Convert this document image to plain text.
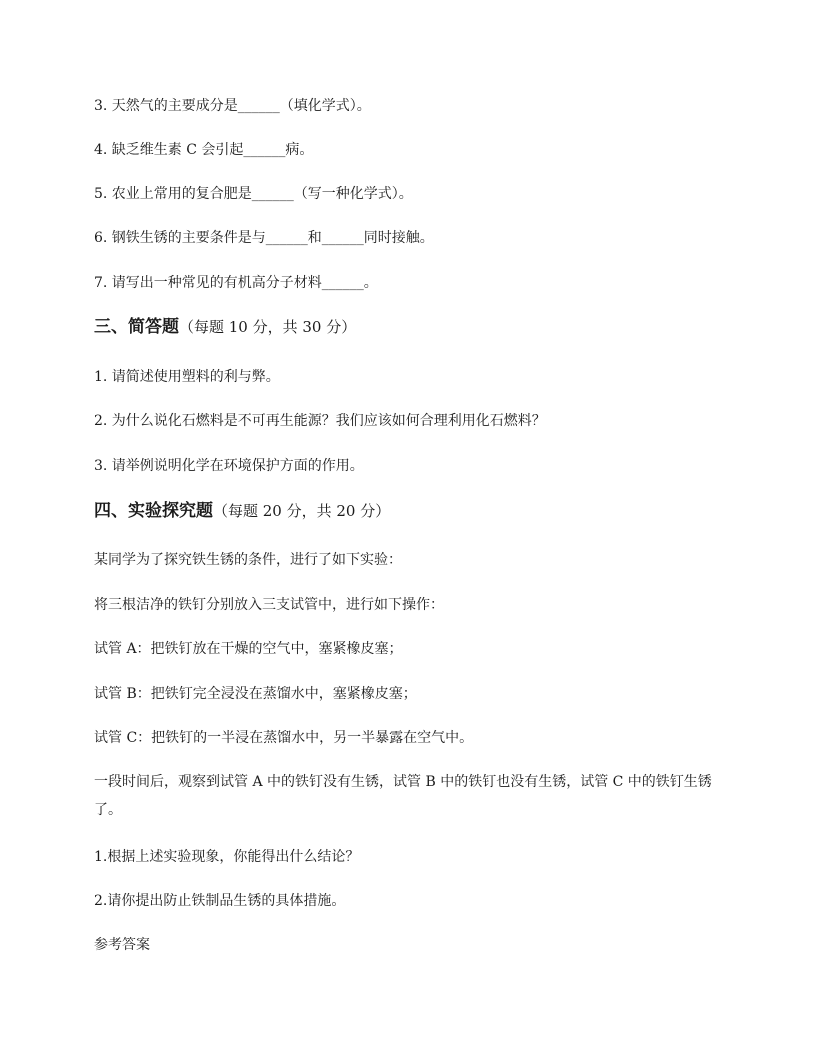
3. 天然气的主要成分是______（填化学式）。

4. 缺乏维生素 C 会引起______病。

5. 农业上常用的复合肥是______（写一种化学式）。

6. 钢铁生锈的主要条件是与______和______同时接触。

7. 请写出一种常见的有机高分子材料______。

三、简答题（每题 10 分，共 30 分）

1. 请简述使用塑料的利与弊。

2. 为什么说化石燃料是不可再生能源？我们应该如何合理利用化石燃料？

3. 请举例说明化学在环境保护方面的作用。

四、实验探究题（每题 20 分，共 20 分）

某同学为了探究铁生锈的条件，进行了如下实验：

将三根洁净的铁钉分别放入三支试管中，进行如下操作：

试管 A：把铁钉放在干燥的空气中，塞紧橡皮塞；

试管 B：把铁钉完全浸没在蒸馏水中，塞紧橡皮塞；

试管 C：把铁钉的一半浸在蒸馏水中，另一半暴露在空气中。

一段时间后，观察到试管 A 中的铁钉没有生锈，试管 B 中的铁钉也没有生锈，试管 C 中的铁钉生锈了。

1.根据上述实验现象，你能得出什么结论？

2.请你提出防止铁制品生锈的具体措施。

参考答案
